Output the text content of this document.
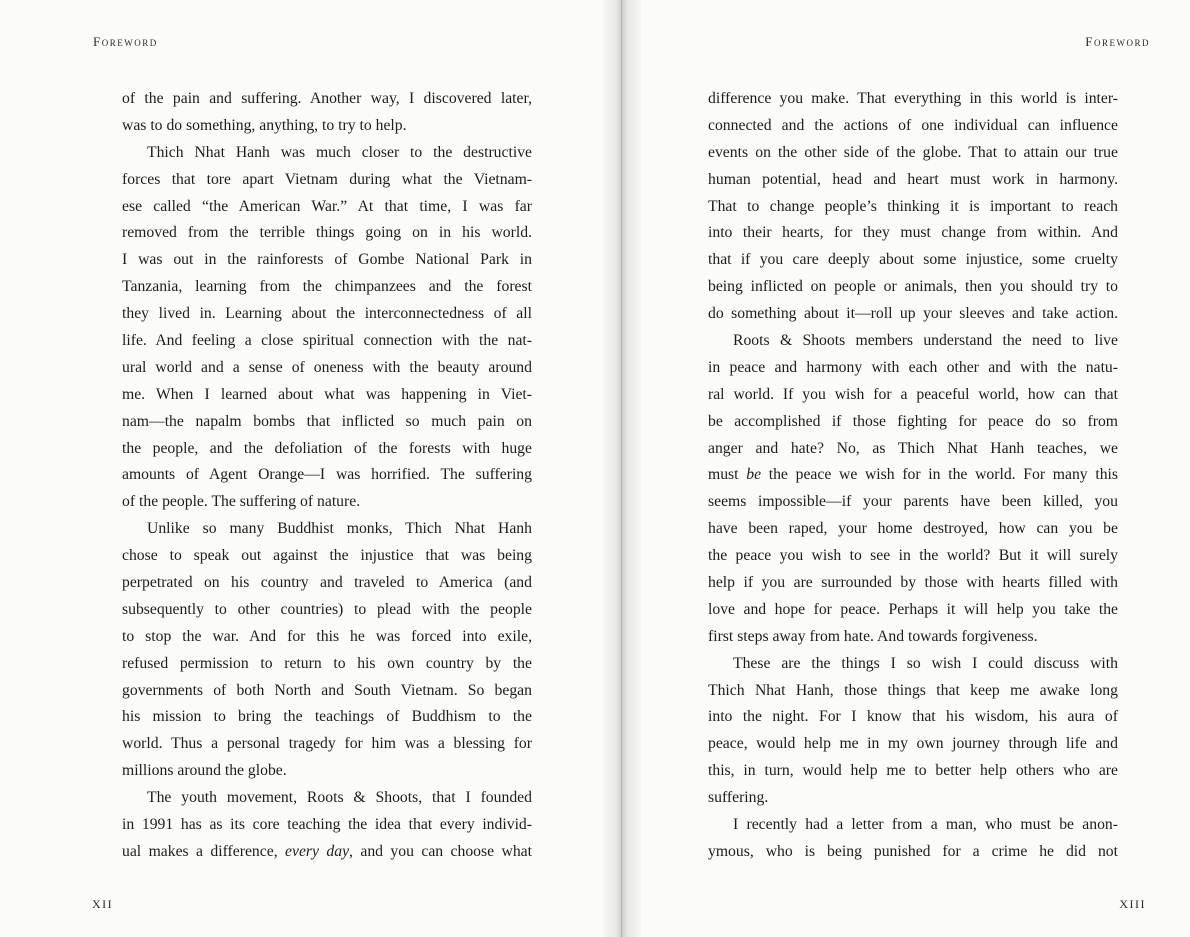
Foreword	Foreword
of the pain and suffering. Another way, I discovered later,
was to do something, anything, to try to help.
Thich Nhat Hanh was much closer to the destructive
forces that tore apart Vietnam during what the Vietnam-
ese called “the American War.” At that time, I was far
removed from the terrible things going on in his world.
I was out in the rainforests of Gombe National Park in
Tanzania, learning from the chimpanzees and the forest
they lived in. Learning about the interconnectedness of all
life. And feeling a close spiritual connection with the nat-
ural world and a sense of oneness with the beauty around
me. When I learned about what was happening in Viet-
nam—the napalm bombs that inflicted so much pain on
the people, and the defoliation of the forests with huge
amounts of Agent Orange—I was horrified. The suffering
of the people. The suffering of nature.
Unlike so many Buddhist monks, Thich Nhat Hanh
chose to speak out against the injustice that was being
perpetrated on his country and traveled to America (and
subsequently to other countries) to plead with the people
to stop the war. And for this he was forced into exile,
refused permission to return to his own country by the
governments of both North and South Vietnam. So began
his mission to bring the teachings of Buddhism to the
world. Thus a personal tragedy for him was a blessing for
millions around the globe.
The youth movement, Roots & Shoots, that I founded
in 1991 has as its core teaching the idea that every individ-
ual makes a difference, every day, and you can choose what
difference you make. That everything in this world is inter-
connected and the actions of one individual can influence
events on the other side of the globe. That to attain our true
human potential, head and heart must work in harmony.
That to change people’s thinking it is important to reach
into their hearts, for they must change from within. And
that if you care deeply about some injustice, some cruelty
being inflicted on people or animals, then you should try to
do something about it—roll up your sleeves and take action.
Roots & Shoots members understand the need to live
in peace and harmony with each other and with the natu-
ral world. If you wish for a peaceful world, how can that
be accomplished if those fighting for peace do so from
anger and hate? No, as Thich Nhat Hanh teaches, we
must be the peace we wish for in the world. For many this
seems impossible—if your parents have been killed, you
have been raped, your home destroyed, how can you be
the peace you wish to see in the world? But it will surely
help if you are surrounded by those with hearts filled with
love and hope for peace. Perhaps it will help you take the
first steps away from hate. And towards forgiveness.
These are the things I so wish I could discuss with
Thich Nhat Hanh, those things that keep me awake long
into the night. For I know that his wisdom, his aura of
peace, would help me in my own journey through life and
this, in turn, would help me to better help others who are
suffering.
I recently had a letter from a man, who must be anon-
ymous, who is being punished for a crime he did not
XII	XIII
